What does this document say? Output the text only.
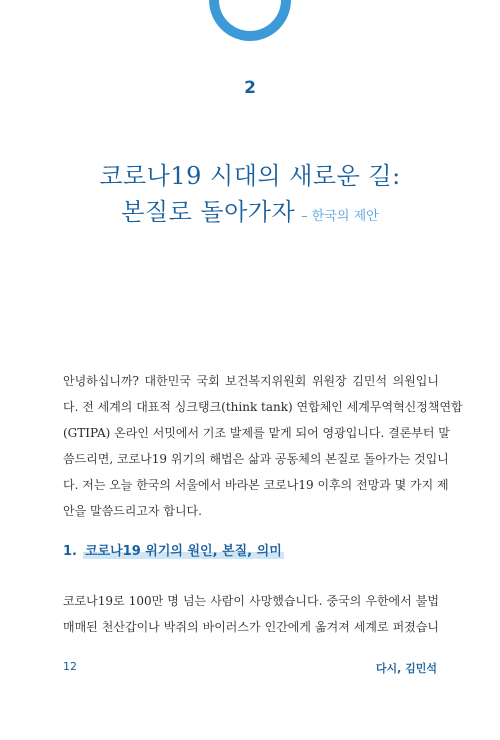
2
코로나19 시대의 새로운 길:
본질로 돌아가자 – 한국의 제안
안녕하십니까? 대한민국 국회 보건복지위원회 위원장 김민석 의원입니
다. 전 세계의 대표적 싱크탱크(think tank) 연합체인 세계무역혁신정책연합
(GTIPA) 온라인 서밋에서 기조 발제를 맡게 되어 영광입니다. 결론부터 말
씀드리면, 코로나19 위기의 해법은 삶과 공동체의 본질로 돌아가는 것입니
다. 저는 오늘 한국의 서울에서 바라본 코로나19 이후의 전망과 몇 가지 제
안을 말씀드리고자 합니다.
1. 코로나19 위기의 원인, 본질, 의미
코로나19로 100만 명 넘는 사람이 사망했습니다. 중국의 우한에서 불법
매매된 천산갑이나 박쥐의 바이러스가 인간에게 옮겨져 세계로 퍼졌습니
12	다시, 김민석
